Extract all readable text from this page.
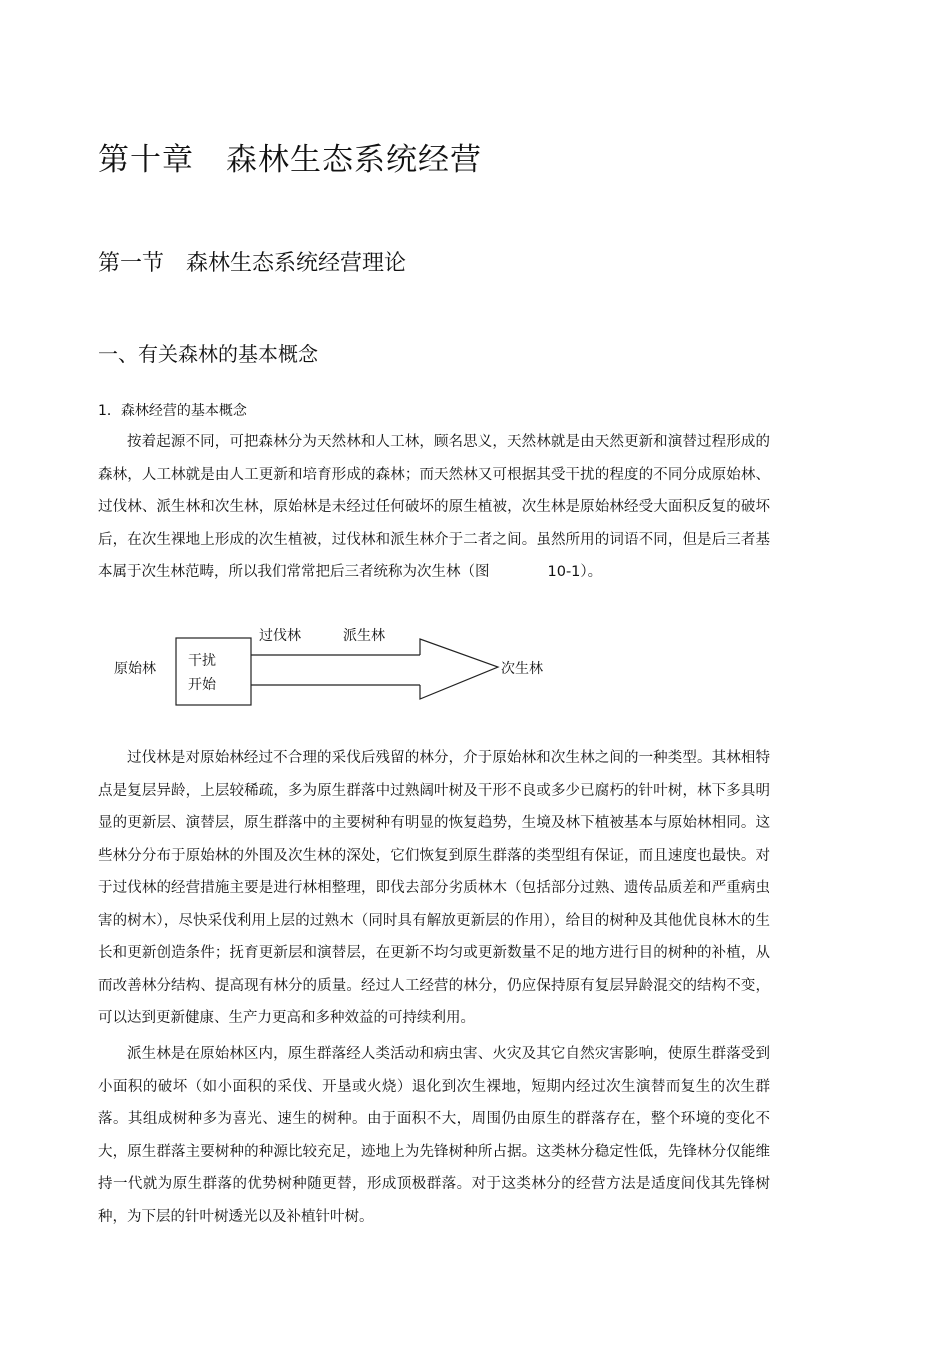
第十章　森林生态系统经营
第一节　森林生态系统经营理论
一、有关森林的基本概念
1．森林经营的基本概念

按着起源不同，可把森林分为天然林和人工林，顾名思义，天然林就是由天然更新和演替过程形成的森林，人工林就是由人工更新和培育形成的森林；而天然林又可根据其受干扰的程度的不同分成原始林、过伐林、派生林和次生林，原始林是未经过任何破坏的原生植被，次生林是原始林经受大面积反复的破坏后，在次生裸地上形成的次生植被，过伐林和派生林介于二者之间。虽然所用的词语不同，但是后三者基本属于次生林范畴，所以我们常常把后三者统称为次生林（图　　　　10-1）。

原始林 干扰
开始
过伐林	派生林
次生林

过伐林是对原始林经过不合理的采伐后残留的林分，介于原始林和次生林之间的一种类型。其林相特点是复层异龄，上层较稀疏，多为原生群落中过熟阔叶树及干形不良或多少已腐朽的针叶树，林下多具明显的更新层、演替层，原生群落中的主要树种有明显的恢复趋势，生境及林下植被基本与原始林相同。这些林分分布于原始林的外围及次生林的深处，它们恢复到原生群落的类型组有保证，而且速度也最快。对于过伐林的经营措施主要是进行林相整理，即伐去部分劣质林木（包括部分过熟、遗传品质差和严重病虫害的树木），尽快采伐利用上层的过熟木（同时具有解放更新层的作用），给目的树种及其他优良林木的生长和更新创造条件；抚育更新层和演替层，在更新不均匀或更新数量不足的地方进行目的树种的补植，从而改善林分结构、提高现有林分的质量。经过人工经营的林分，仍应保持原有复层异龄混交的结构不变，可以达到更新健康、生产力更高和多种效益的可持续利用。

派生林是在原始林区内，原生群落经人类活动和病虫害、火灾及其它自然灾害影响，使原生群落受到小面积的破坏（如小面积的采伐、开垦或火烧）退化到次生裸地，短期内经过次生演替而复生的次生群落。其组成树种多为喜光、速生的树种。由于面积不大，周围仍由原生的群落存在，整个环境的变化不大，原生群落主要树种的种源比较充足，迹地上为先锋树种所占据。这类林分稳定性低，先锋林分仅能维持一代就为原生群落的优势树种随更替，形成顶极群落。对于这类林分的经营方法是适度间伐其先锋树种，为下层的针叶树透光以及补植针叶树。
